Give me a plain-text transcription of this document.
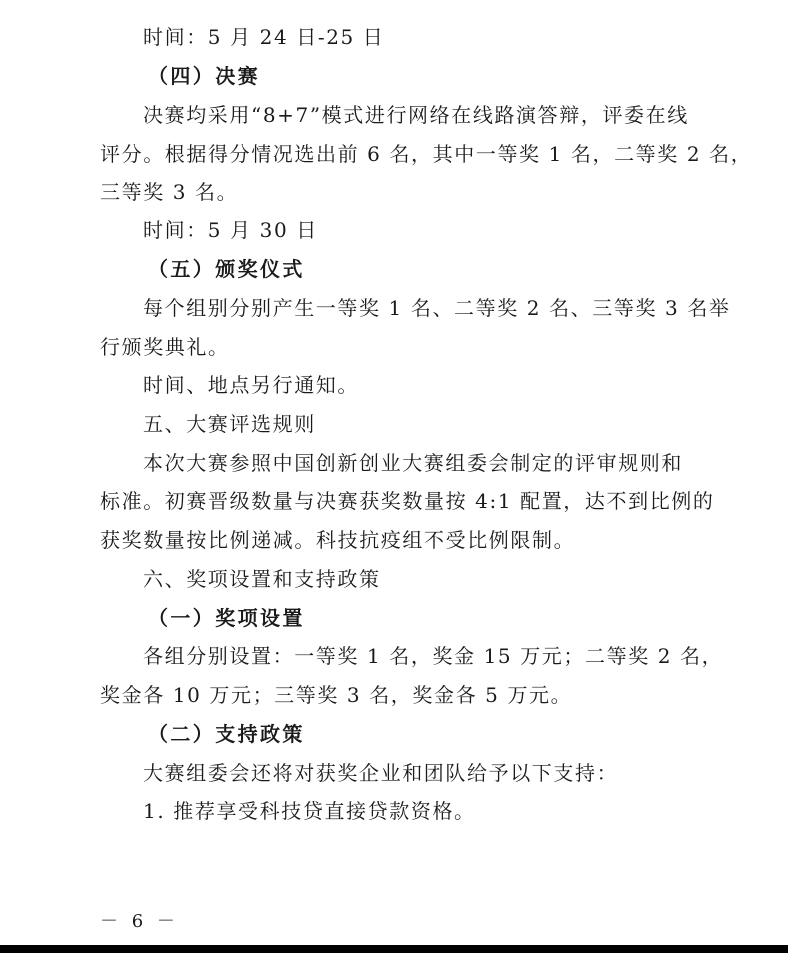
时间：5 月 24 日-25 日
（四）决赛
决赛均采用“8+7”模式进行网络在线路演答辩，评委在线
评分。根据得分情况选出前 6 名，其中一等奖 1 名，二等奖 2 名，
三等奖 3 名。
时间：5 月 30 日
（五）颁奖仪式
每个组别分别产生一等奖 1 名、二等奖 2 名、三等奖 3 名举
行颁奖典礼。
时间、地点另行通知。
五、大赛评选规则
本次大赛参照中国创新创业大赛组委会制定的评审规则和
标准。初赛晋级数量与决赛获奖数量按 4:1 配置，达不到比例的
获奖数量按比例递减。科技抗疫组不受比例限制。
六、奖项设置和支持政策
（一）奖项设置
各组分别设置：一等奖 1 名，奖金 15 万元；二等奖 2 名，
奖金各 10 万元；三等奖 3 名，奖金各 5 万元。
（二）支持政策
大赛组委会还将对获奖企业和团队给予以下支持：
1. 推荐享受科技贷直接贷款资格。
－ 6 －
